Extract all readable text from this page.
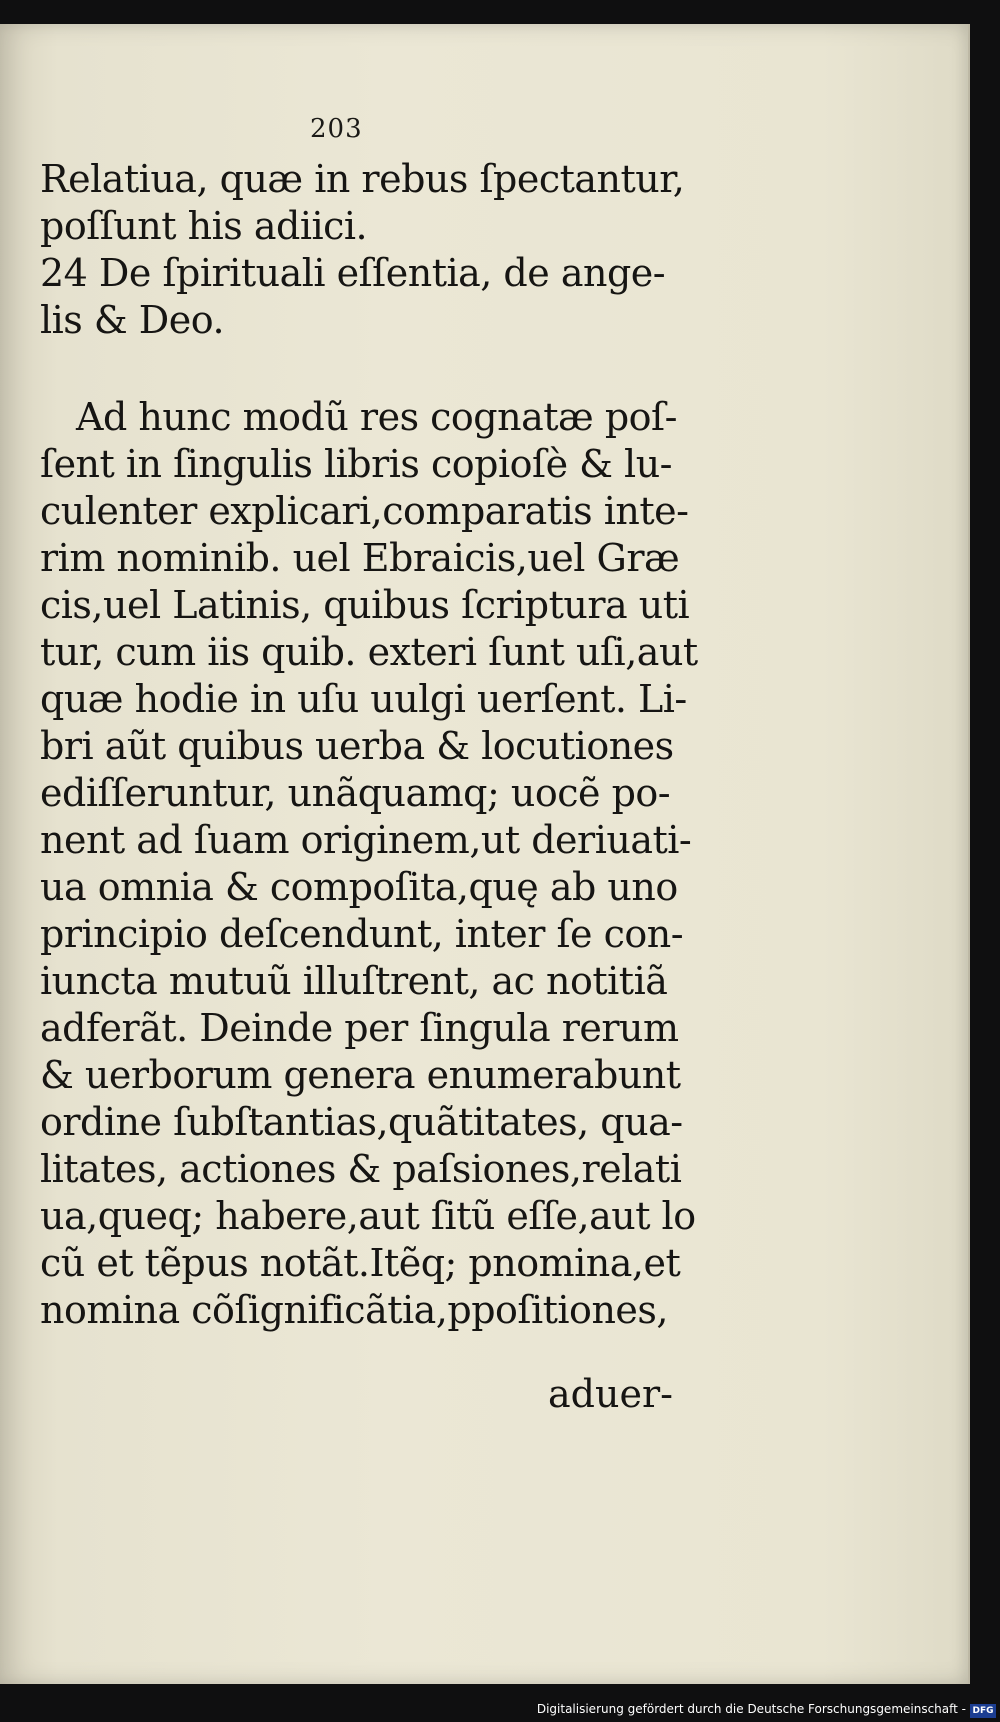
203
Relatiua, quæ in rebus ſpectantur,
poſſunt his adiici.
24 De ſpirituali eſſentia, de ange-
lis & Deo.
Ad hunc modũ res cognatæ poſ-
ſent in ſingulis libris copioſè & lu-
culenter explicari,comparatis inte-
rim nominib. uel Ebraicis,uel Græ
cis,uel Latinis, quibus ſcriptura uti
tur, cum iis quib. exteri ſunt uſi,aut
quæ hodie in uſu uulgi uerſent. Li-
bri aũt quibus uerba & locutiones
ediſſeruntur, unãquamq; uocẽ po-
nent ad ſuam originem,ut deriuati-
ua omnia & compoſita,quę ab uno
principio deſcendunt, inter ſe con-
iuncta mutuũ illuſtrent, ac notitiã
adferãt. Deinde per ſingula rerum
& uerborum genera enumerabunt
ordine ſubſtantias,quãtitates, qua-
litates, actiones & paſsiones,relati
ua,queq; habere,aut ſitũ eſſe,aut lo
cũ et tẽpus notãt.Itẽq; pnomina,et
nomina cõſignificãtia,ppoſitiones,
aduer-
Digitalisierung gefördert durch die Deutsche Forschungsgemeinschaft - DFG
